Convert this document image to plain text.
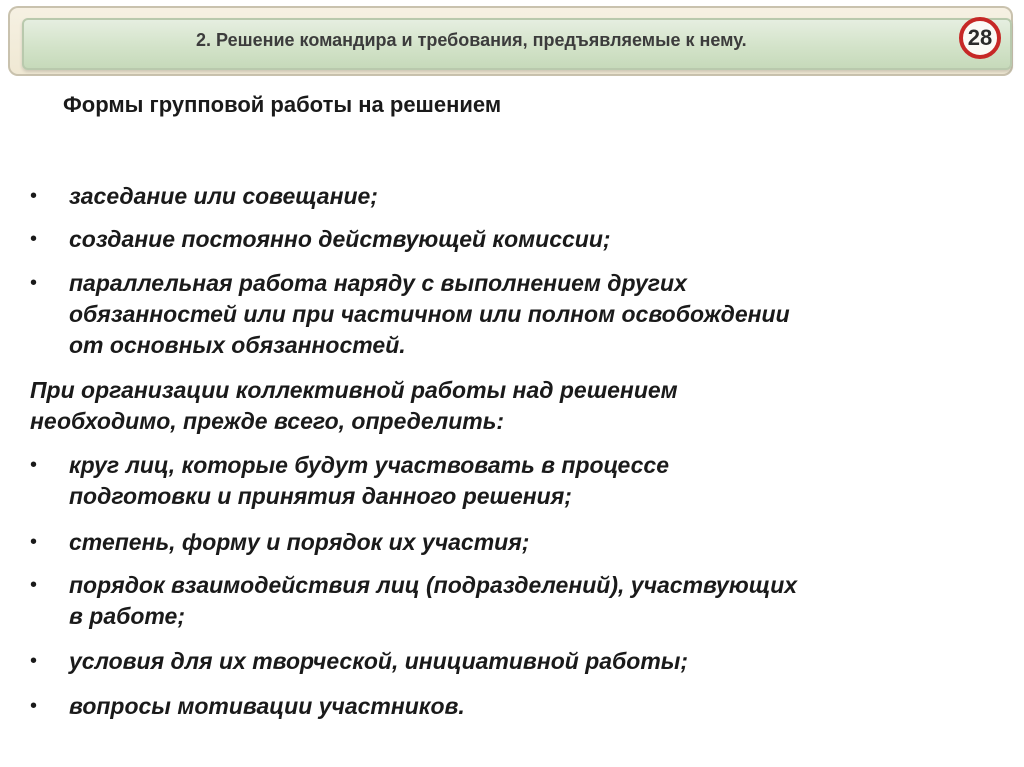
2. Решение командира и требования, предъявляемые к нему.	28
Формы групповой работы на решением
• заседание или совещание;
• создание постоянно действующей комиссии;
• параллельная работа наряду с выполнением других
обязанностей или при частичном или полном освобождении
от основных обязанностей.
При организации коллективной работы над решением
необходимо, прежде всего, определить:
• круг лиц, которые будут участвовать в процессе
подготовки и принятия данного решения;
• степень, форму и порядок их участия;
• порядок взаимодействия лиц (подразделений), участвующих
в работе;
• условия для их творческой, инициативной работы;
• вопросы мотивации участников.
